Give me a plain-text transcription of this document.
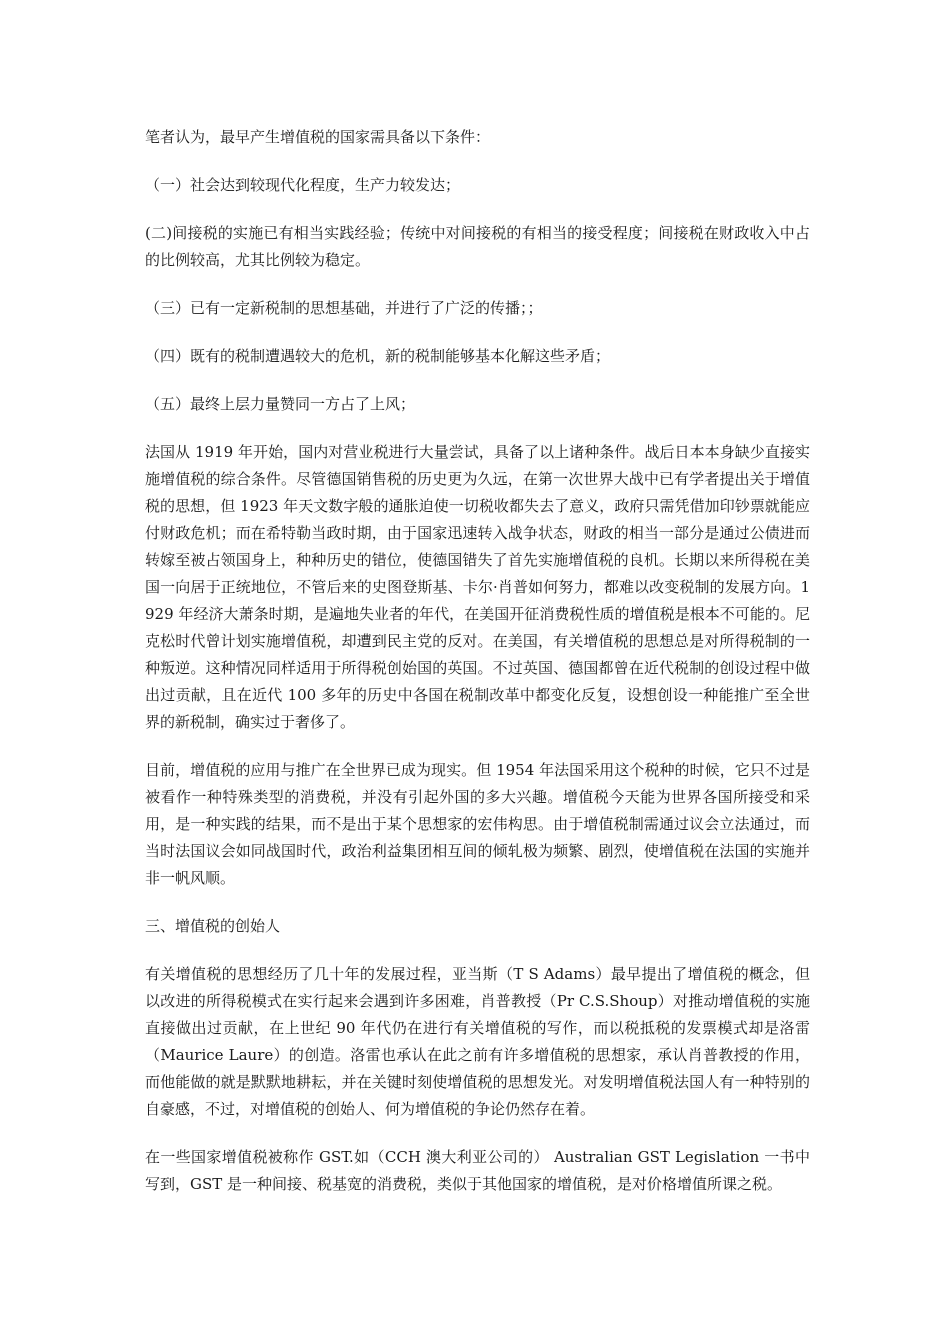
笔者认为，最早产生增值税的国家需具备以下条件：

（一）社会达到较现代化程度，生产力较发达；

(二)间接税的实施已有相当实践经验；传统中对间接税的有相当的接受程度；间接税在财政收入中占的比例较高，尤其比例较为稳定。

（三）已有一定新税制的思想基础，并进行了广泛的传播；；

（四）既有的税制遭遇较大的危机，新的税制能够基本化解这些矛盾；

（五）最终上层力量赞同一方占了上风；

法国从 1919 年开始，国内对营业税进行大量尝试，具备了以上诸种条件。战后日本本身缺少直接实施增值税的综合条件。尽管德国销售税的历史更为久远，在第一次世界大战中已有学者提出关于增值税的思想，但 1923 年天文数字般的通胀迫使一切税收都失去了意义，政府只需凭借加印钞票就能应付财政危机；而在希特勒当政时期，由于国家迅速转入战争状态，财政的相当一部分是通过公债进而转嫁至被占领国身上，种种历史的错位，使德国错失了首先实施增值税的良机。长期以来所得税在美国一向居于正统地位，不管后来的史图登斯基、卡尔·肖普如何努力，都难以改变税制的发展方向。1929 年经济大萧条时期，是遍地失业者的年代，在美国开征消费税性质的增值税是根本不可能的。尼克松时代曾计划实施增值税，却遭到民主党的反对。在美国，有关增值税的思想总是对所得税制的一种叛逆。这种情况同样适用于所得税创始国的英国。不过英国、德国都曾在近代税制的创设过程中做出过贡献，且在近代 100 多年的历史中各国在税制改革中都变化反复，设想创设一种能推广至全世界的新税制，确实过于奢侈了。

目前，增值税的应用与推广在全世界已成为现实。但 1954 年法国采用这个税种的时候，它只不过是被看作一种特殊类型的消费税，并没有引起外国的多大兴趣。增值税今天能为世界各国所接受和采用，是一种实践的结果，而不是出于某个思想家的宏伟构思。由于增值税制需通过议会立法通过，而当时法国议会如同战国时代，政治利益集团相互间的倾轧极为频繁、剧烈，使增值税在法国的实施并非一帆风顺。

三、增值税的创始人

有关增值税的思想经历了几十年的发展过程，亚当斯（T S Adams）最早提出了增值税的概念，但以改进的所得税模式在实行起来会遇到许多困难，肖普教授（Pr C.S.Shoup）对推动增值税的实施直接做出过贡献，在上世纪 90 年代仍在进行有关增值税的写作，而以税抵税的发票模式却是洛雷（Maurice Laure）的创造。洛雷也承认在此之前有许多增值税的思想家，承认肖普教授的作用，而他能做的就是默默地耕耘，并在关键时刻使增值税的思想发光。对发明增值税法国人有一种特别的自豪感，不过，对增值税的创始人、何为增值税的争论仍然存在着。

在一些国家增值税被称作 GST.如（CCH 澳大利亚公司的） Australian GST Legislation 一书中写到，GST 是一种间接、税基宽的消费税，类似于其他国家的增值税，是对价格增值所课之税。
